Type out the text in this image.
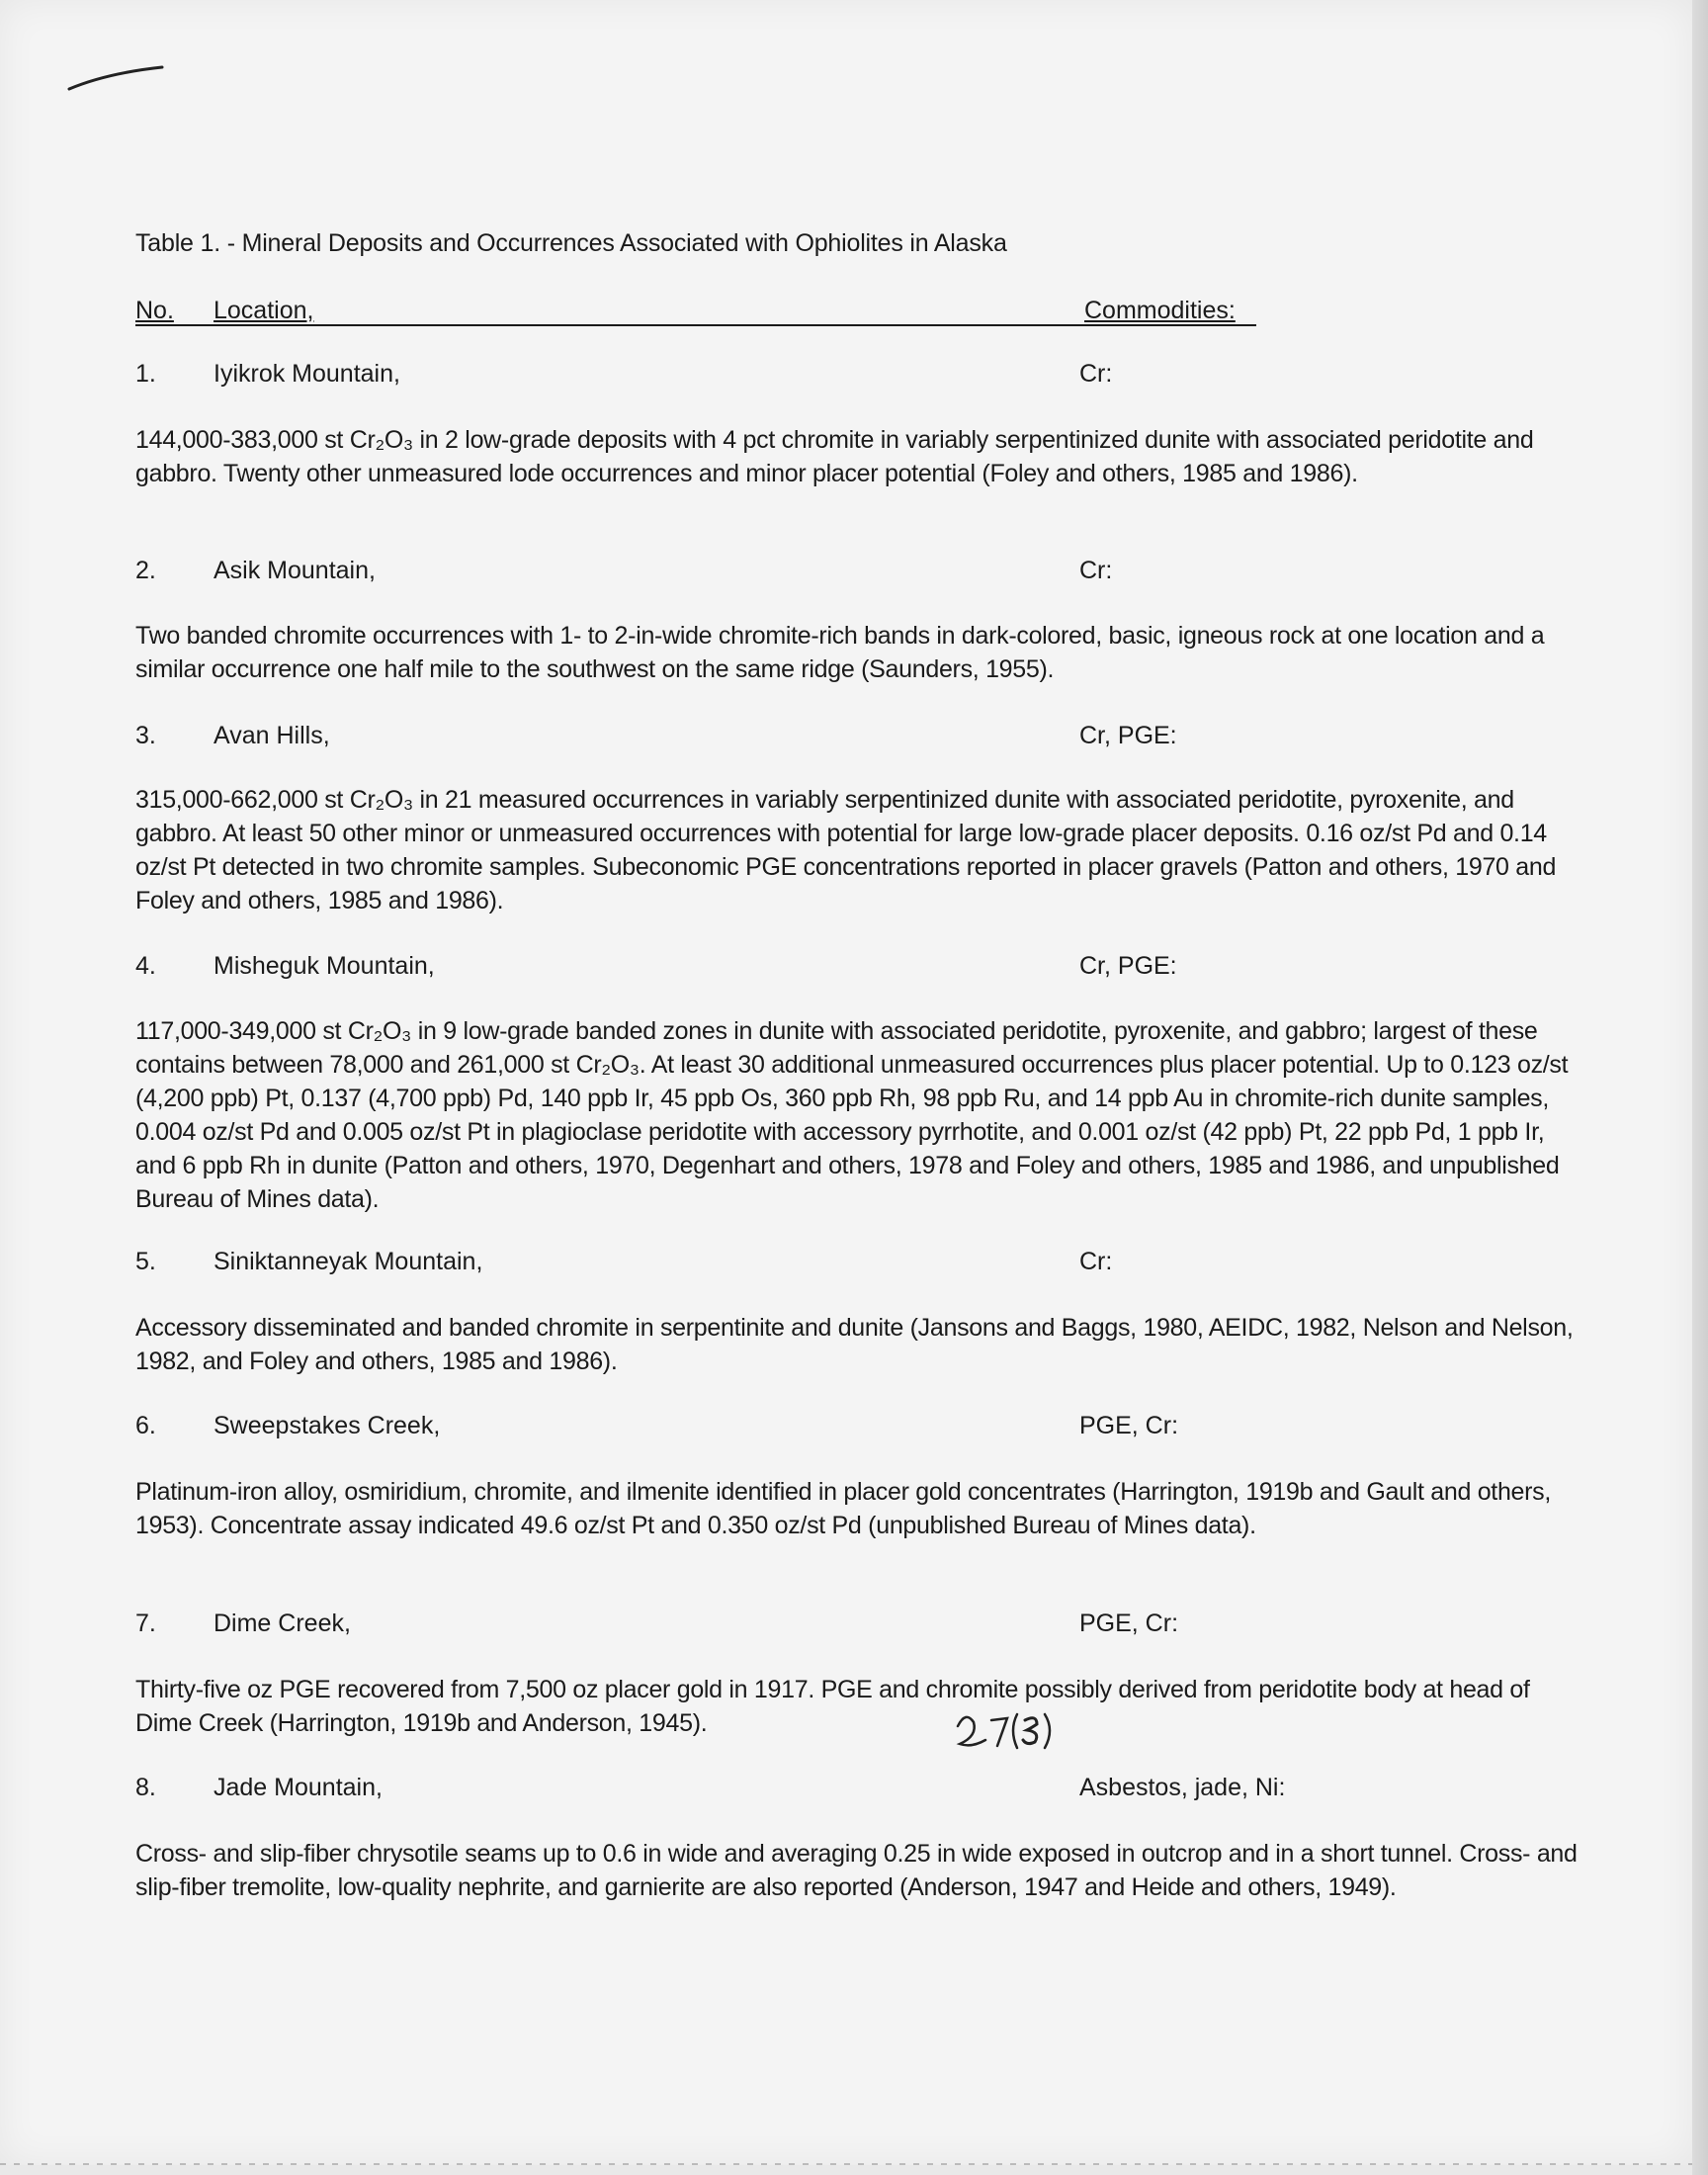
Table 1. - Mineral Deposits and Occurrences Associated with Ophiolites in Alaska
No. Location,	Commodities:
1. Iyikrok Mountain,	Cr:

144,000-383,000 st Cr₂O₃ in 2 low-grade deposits with 4 pct chromite in variably serpentinized dunite with associated peridotite and gabbro. Twenty other unmeasured lode occurrences and minor placer potential (Foley and others, 1985 and 1986).

2. Asik Mountain,	Cr:

Two banded chromite occurrences with 1- to 2-in-wide chromite-rich bands in dark-colored, basic, igneous rock at one location and a similar occurrence one half mile to the southwest on the same ridge (Saunders, 1955).

3. Avan Hills,	Cr, PGE:

315,000-662,000 st Cr₂O₃ in 21 measured occurrences in variably serpentinized dunite with associated peridotite, pyroxenite, and gabbro. At least 50 other minor or unmeasured occurrences with potential for large low-grade placer deposits. 0.16 oz/st Pd and 0.14 oz/st Pt detected in two chromite samples. Subeconomic PGE concentrations reported in placer gravels (Patton and others, 1970 and Foley and others, 1985 and 1986).

4. Misheguk Mountain,	Cr, PGE:

117,000-349,000 st Cr₂O₃ in 9 low-grade banded zones in dunite with associated peridotite, pyroxenite, and gabbro; largest of these contains between 78,000 and 261,000 st Cr₂O₃. At least 30 additional unmeasured occurrences plus placer potential. Up to 0.123 oz/st (4,200 ppb) Pt, 0.137 (4,700 ppb) Pd, 140 ppb Ir, 45 ppb Os, 360 ppb Rh, 98 ppb Ru, and 14 ppb Au in chromite-rich dunite samples, 0.004 oz/st Pd and 0.005 oz/st Pt in plagioclase peridotite with accessory pyrrhotite, and 0.001 oz/st (42 ppb) Pt, 22 ppb Pd, 1 ppb Ir, and 6 ppb Rh in dunite (Patton and others, 1970, Degenhart and others, 1978 and Foley and others, 1985 and 1986, and unpublished Bureau of Mines data).

5. Siniktanneyak Mountain,	Cr:

Accessory disseminated and banded chromite in serpentinite and dunite (Jansons and Baggs, 1980, AEIDC, 1982, Nelson and Nelson, 1982, and Foley and others, 1985 and 1986).

6. Sweepstakes Creek,	PGE, Cr:

Platinum-iron alloy, osmiridium, chromite, and ilmenite identified in placer gold concentrates (Harrington, 1919b and Gault and others, 1953). Concentrate assay indicated 49.6 oz/st Pt and 0.350 oz/st Pd (unpublished Bureau of Mines data).

7. Dime Creek,	PGE, Cr:

Thirty-five oz PGE recovered from 7,500 oz placer gold in 1917. PGE and chromite possibly derived from peridotite body at head of Dime Creek (Harrington, 1919b and Anderson, 1945).

8. Jade Mountain,	Asbestos, jade, Ni:

Cross- and slip-fiber chrysotile seams up to 0.6 in wide and averaging 0.25 in wide exposed in outcrop and in a short tunnel. Cross- and slip-fiber tremolite, low-quality nephrite, and garnierite are also reported (Anderson, 1947 and Heide and others, 1949).
